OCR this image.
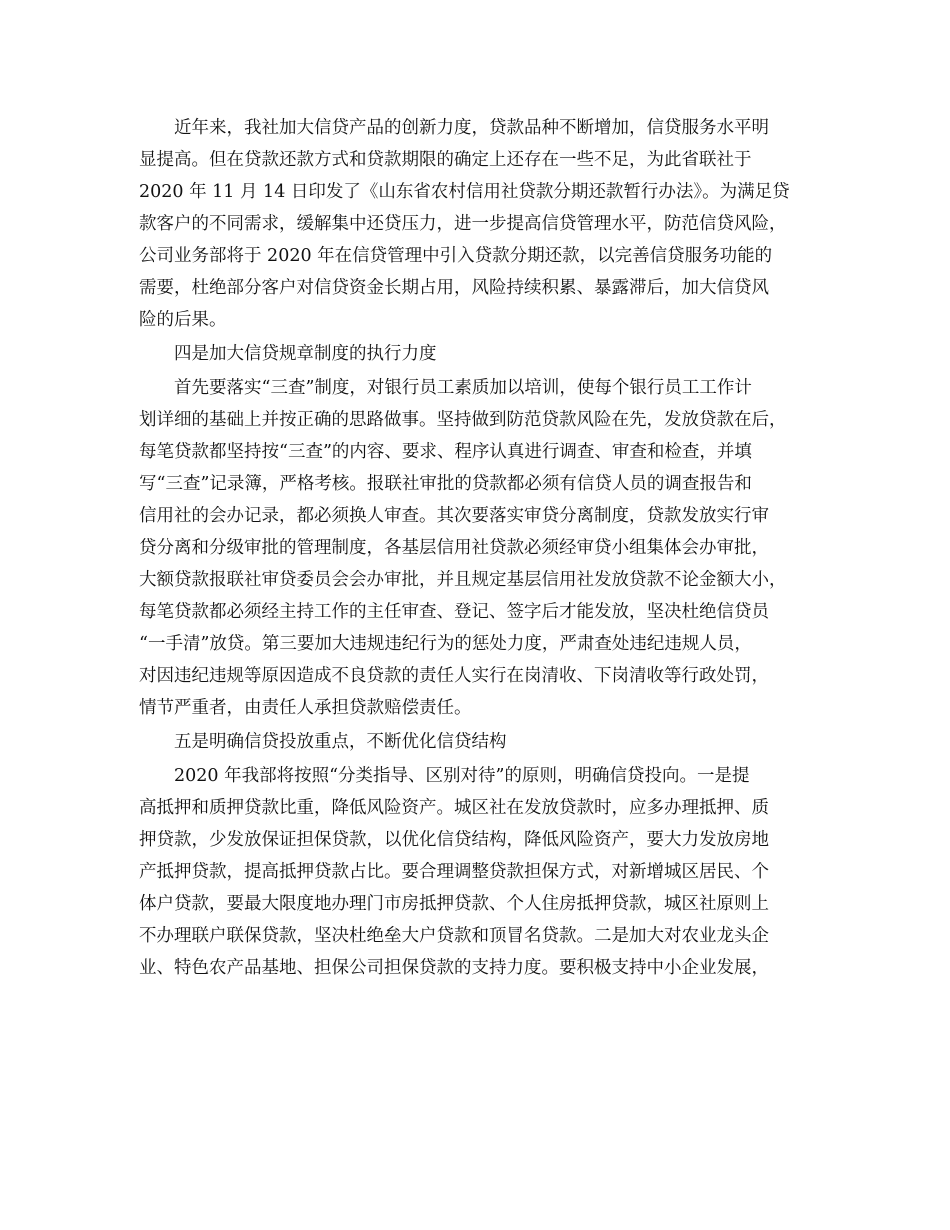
近年来，我社加大信贷产品的创新力度，贷款品种不断增加，信贷服务水平明
显提高。但在贷款还款方式和贷款期限的确定上还存在一些不足，为此省联社于
2020 年 11 月 14 日印发了《山东省农村信用社贷款分期还款暂行办法》。为满足贷
款客户的不同需求，缓解集中还贷压力，进一步提高信贷管理水平，防范信贷风险，
公司业务部将于 2020 年在信贷管理中引入贷款分期还款，以完善信贷服务功能的
需要，杜绝部分客户对信贷资金长期占用，风险持续积累、暴露滞后，加大信贷风
险的后果。

四是加大信贷规章制度的执行力度

首先要落实“三查”制度，对银行员工素质加以培训，使每个银行员工工作计
划详细的基础上并按正确的思路做事。坚持做到防范贷款风险在先，发放贷款在后，
每笔贷款都坚持按“三查”的内容、要求、程序认真进行调查、审查和检查，并填
写“三查”记录簿，严格考核。报联社审批的贷款都必须有信贷人员的调查报告和
信用社的会办记录，都必须换人审查。其次要落实审贷分离制度，贷款发放实行审
贷分离和分级审批的管理制度，各基层信用社贷款必须经审贷小组集体会办审批，
大额贷款报联社审贷委员会会办审批，并且规定基层信用社发放贷款不论金额大小，
每笔贷款都必须经主持工作的主任审查、登记、签字后才能发放，坚决杜绝信贷员
“一手清”放贷。第三要加大违规违纪行为的惩处力度，严肃查处违纪违规人员，
对因违纪违规等原因造成不良贷款的责任人实行在岗清收、下岗清收等行政处罚，
情节严重者，由责任人承担贷款赔偿责任。

五是明确信贷投放重点，不断优化信贷结构

2020 年我部将按照“分类指导、区别对待”的原则，明确信贷投向。一是提
高抵押和质押贷款比重，降低风险资产。城区社在发放贷款时，应多办理抵押、质
押贷款，少发放保证担保贷款，以优化信贷结构，降低风险资产，要大力发放房地
产抵押贷款，提高抵押贷款占比。要合理调整贷款担保方式，对新增城区居民、个
体户贷款，要最大限度地办理门市房抵押贷款、个人住房抵押贷款，城区社原则上
不办理联户联保贷款，坚决杜绝垒大户贷款和顶冒名贷款。二是加大对农业龙头企
业、特色农产品基地、担保公司担保贷款的支持力度。要积极支持中小企业发展，
